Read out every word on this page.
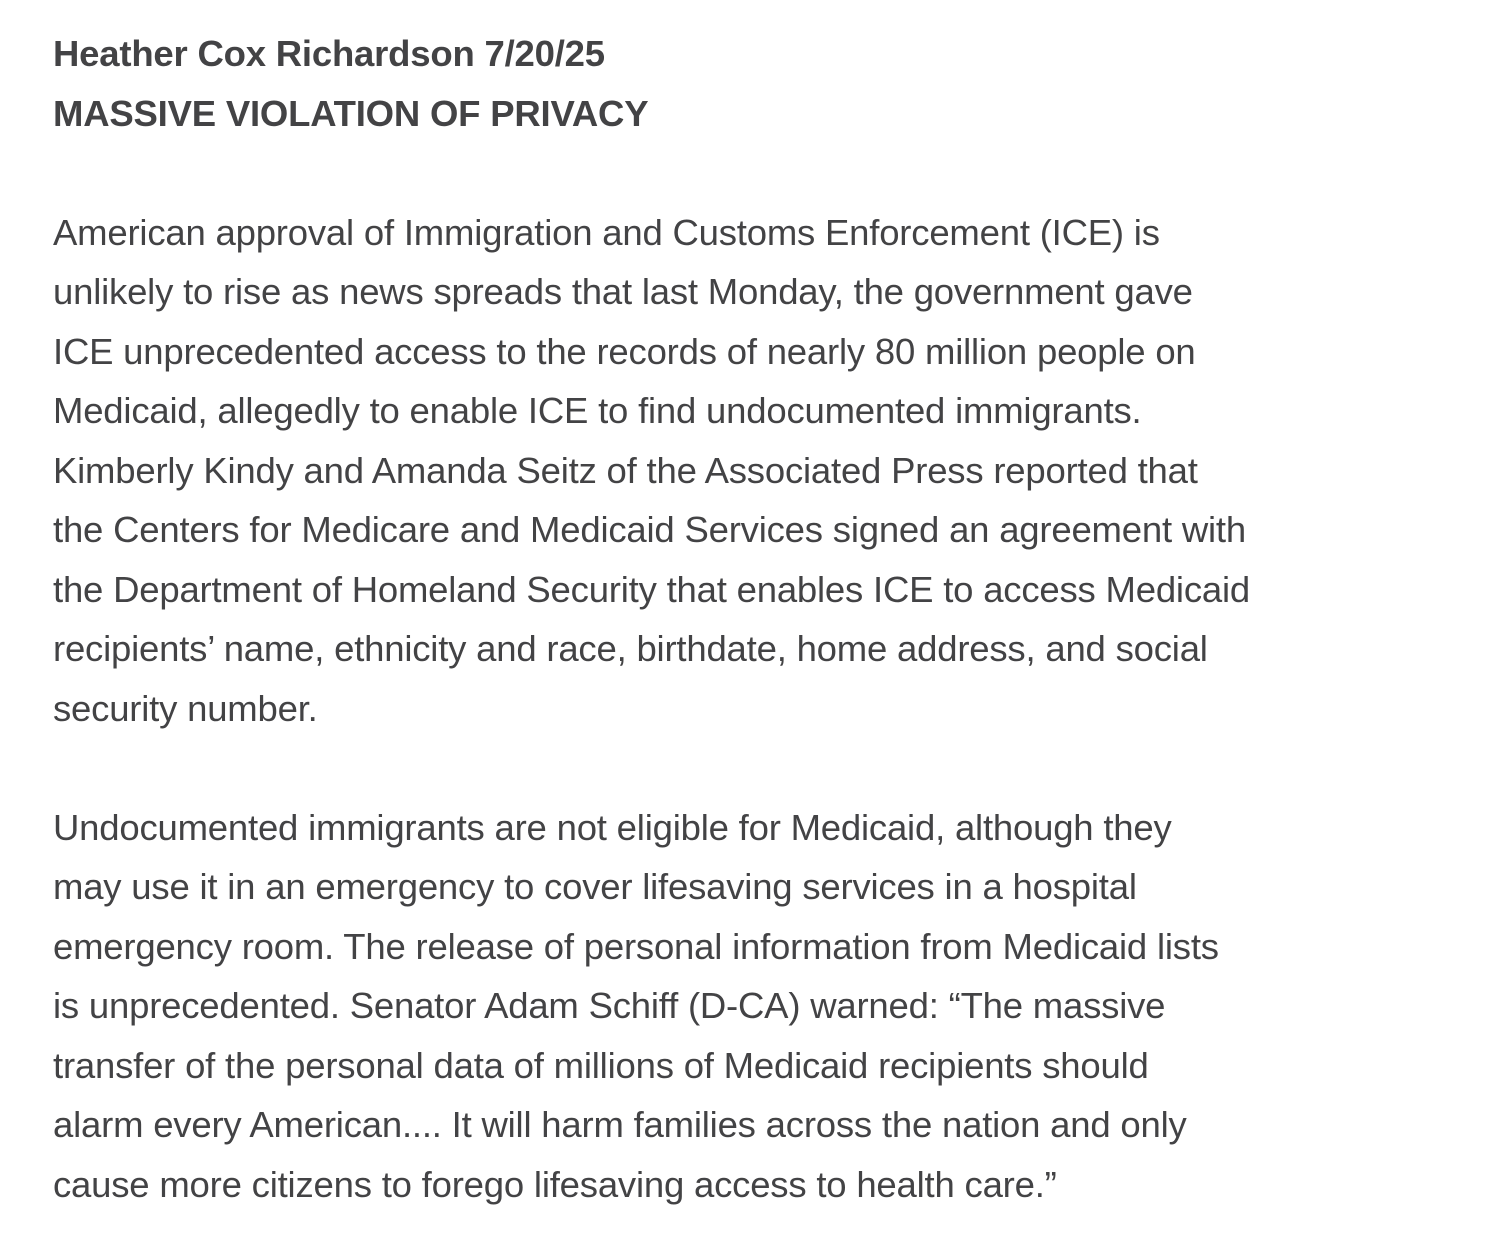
Heather Cox Richardson 7/20/25

MASSIVE VIOLATION OF PRIVACY

American approval of Immigration and Customs Enforcement (ICE) is
unlikely to rise as news spreads that last Monday, the government gave
ICE unprecedented access to the records of nearly 80 million people on
Medicaid, allegedly to enable ICE to find undocumented immigrants.
Kimberly Kindy and Amanda Seitz of the Associated Press reported that
the Centers for Medicare and Medicaid Services signed an agreement with
the Department of Homeland Security that enables ICE to access Medicaid
recipients’ name, ethnicity and race, birthdate, home address, and social
security number.

Undocumented immigrants are not eligible for Medicaid, although they
may use it in an emergency to cover lifesaving services in a hospital
emergency room. The release of personal information from Medicaid lists
is unprecedented. Senator Adam Schiff (D-CA) warned: “The massive
transfer of the personal data of millions of Medicaid recipients should
alarm every American.... It will harm families across the nation and only
cause more citizens to forego lifesaving access to health care.”
